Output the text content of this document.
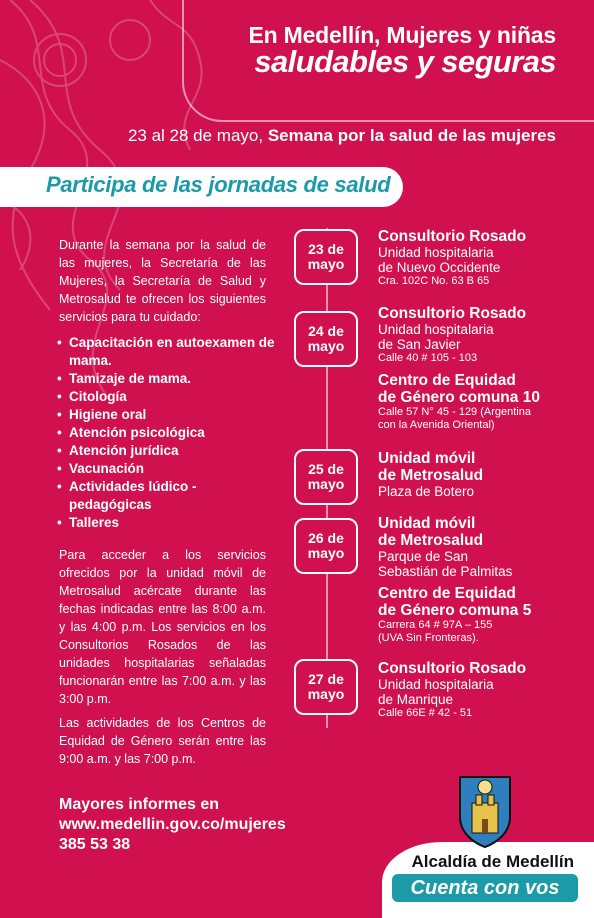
En Medellín, Mujeres y niñas
saludables y seguras
23 al 28 de mayo, Semana por la salud de las mujeres
Participa de las jornadas de salud
Durante la semana por la salud de las mujeres, la Secretaría de las Mujeres, la Secretaría de Salud y Metrosalud te ofrecen los siguientes servicios para tu cuidado:
• Capacitación en autoexamen de mama.
• Tamizaje de mama.
• Citología
• Higiene oral
• Atención psicológica
• Atención jurídica
• Vacunación
• Actividades lúdico - pedagógicas
• Talleres
Para acceder a los servicios ofrecidos por la unidad móvil de Metrosalud acércate durante las fechas indicadas entre las 8:00 a.m. y las 4:00 p.m. Los servicios en los Consultorios Rosados de las unidades hospitalarias señaladas funcionarán entre las 7:00 a.m. y las 3:00 p.m.
Las actividades de los Centros de Equidad de Género serán entre las 9:00 a.m. y las 7:00 p.m.
Mayores informes en
www.medellin.gov.co/mujeres
385 53 38
23 de
mayo
24 de
mayo
25 de
mayo
26 de
mayo
27 de
mayo
Consultorio Rosado
Unidad hospitalaria
de Nuevo Occidente
Cra. 102C No. 63 B 65
Consultorio Rosado
Unidad hospitalaria
de San Javier
Calle 40 # 105 - 103
Centro de Equidad
de Género comuna 10
Calle 57 N° 45 - 129 (Argentina
con la Avenida Oriental)
Unidad móvil
de Metrosalud
Plaza de Botero
Unidad móvil
de Metrosalud
Parque de San
Sebastián de Palmitas
Centro de Equidad
de Género comuna 5
Carrera 64 # 97A – 155
(UVA Sin Fronteras).
Consultorio Rosado
Unidad hospitalaria
de Manrique
Calle 66E # 42 - 51
Alcaldía de Medellín
Cuenta con vos
